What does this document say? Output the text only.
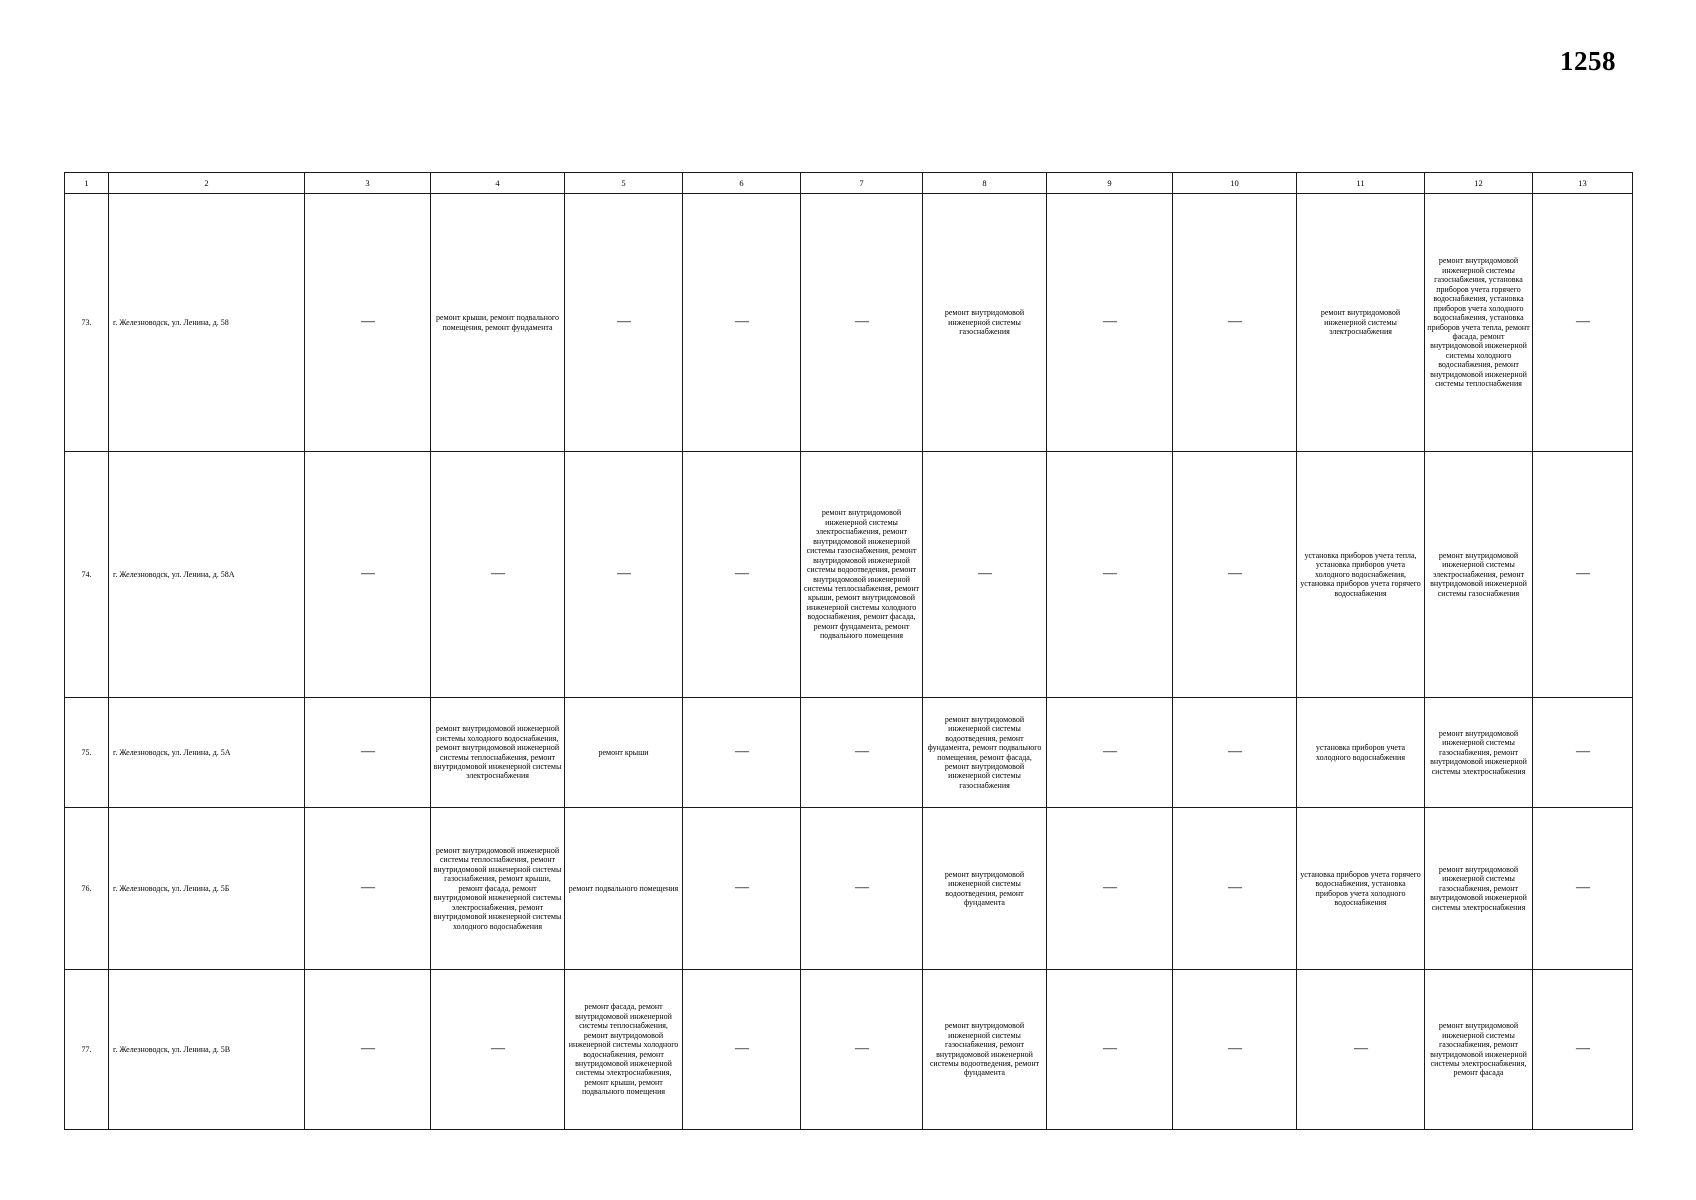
1258
1	2	3	4	5	6	7	8	9	10	11	12	13
73.	г. Железноводск, ул. Ленина, д. 58	—	ремонт крыши, ремонт подвального помещения, ремонт фундамента	—	—	—	ремонт внутридомовой инженерной системы газоснабжения	—	—	ремонт внутридомовой инженерной системы электроснабжения	ремонт внутридомовой инженерной системы газоснабжения, установка приборов учета горячего водоснабжения, установка приборов учета холодного водоснабжения, установка приборов учета тепла, ремонт фасада, ремонт внутридомовой инженерной системы холодного водоснабжения, ремонт внутридомовой инженерной системы теплоснабжения	—
74.	г. Железноводск, ул. Ленина, д. 58А	—	—	—	—	ремонт внутридомовой инженерной системы электроснабжения, ремонт внутридомовой инженерной системы газоснабжения, ремонт внутридомовой инженерной системы водоотведения, ремонт внутридомовой инженерной системы теплоснабжения, ремонт крыши, ремонт внутридомовой инженерной системы холодного водоснабжения, ремонт фасада, ремонт фундамента, ремонт подвального помещения	—	—	—	установка приборов учета тепла, установка приборов учета холодного водоснабжения, установка приборов учета горячего водоснабжения	ремонт внутридомовой инженерной системы электроснабжения, ремонт внутридомовой инженерной системы газоснабжения	—
75.	г. Железноводск, ул. Ленина, д. 5А	—	ремонт внутридомовой инженерной системы холодного водоснабжения, ремонт внутридомовой инженерной системы теплоснабжения, ремонт внутридомовой инженерной системы электроснабжения	ремонт крыши	—	—	ремонт внутридомовой инженерной системы водоотведения, ремонт фундамента, ремонт подвального помещения, ремонт фасада, ремонт внутридомовой инженерной системы газоснабжения	—	—	установка приборов учета холодного водоснабжения	ремонт внутридомовой инженерной системы газоснабжения, ремонт внутридомовой инженерной системы электроснабжения	—
76.	г. Железноводск, ул. Ленина, д. 5Б	—	ремонт внутридомовой инженерной системы теплоснабжения, ремонт внутридомовой инженерной системы газоснабжения, ремонт крыши, ремонт фасада, ремонт внутридомовой инженерной системы электроснабжения, ремонт внутридомовой инженерной системы холодного водоснабжения	ремонт подвального помещения	—	—	ремонт внутридомовой инженерной системы водоотведения, ремонт фундамента	—	—	установка приборов учета горячего водоснабжения, установка приборов учета холодного водоснабжения	ремонт внутридомовой инженерной системы газоснабжения, ремонт внутридомовой инженерной системы электроснабжения	—
77.	г. Железноводск, ул. Ленина, д. 5В	—	—	ремонт фасада, ремонт внутридомовой инженерной системы теплоснабжения, ремонт внутридомовой инженерной системы холодного водоснабжения, ремонт внутридомовой инженерной системы электроснабжения, ремонт крыши, ремонт подвального помещения	—	—	ремонт внутридомовой инженерной системы газоснабжения, ремонт внутридомовой инженерной системы водоотведения, ремонт фундамента	—	—	—	ремонт внутридомовой инженерной системы газоснабжения, ремонт внутридомовой инженерной системы электроснабжения, ремонт фасада	—
